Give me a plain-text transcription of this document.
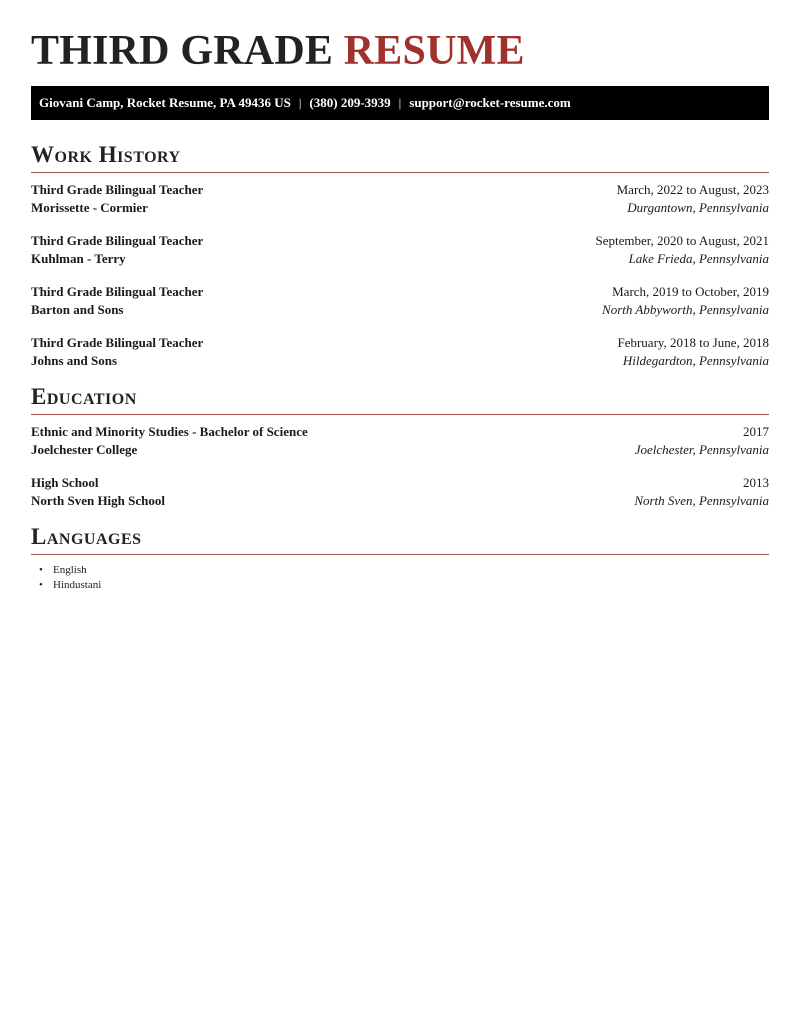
THIRD GRADE RESUME
Giovani Camp, Rocket Resume, PA 49436 US | (380) 209-3939 | support@rocket-resume.com
Work History
Third Grade Bilingual Teacher	March, 2022 to August, 2023
Morissette - Cormier	Durgantown, Pennsylvania
Third Grade Bilingual Teacher	September, 2020 to August, 2021
Kuhlman - Terry	Lake Frieda, Pennsylvania
Third Grade Bilingual Teacher	March, 2019 to October, 2019
Barton and Sons	North Abbyworth, Pennsylvania
Third Grade Bilingual Teacher	February, 2018 to June, 2018
Johns and Sons	Hildegardton, Pennsylvania
Education
Ethnic and Minority Studies - Bachelor of Science	2017
Joelchester College	Joelchester, Pennsylvania
High School	2013
North Sven High School	North Sven, Pennsylvania
Languages
• English
• Hindustani
